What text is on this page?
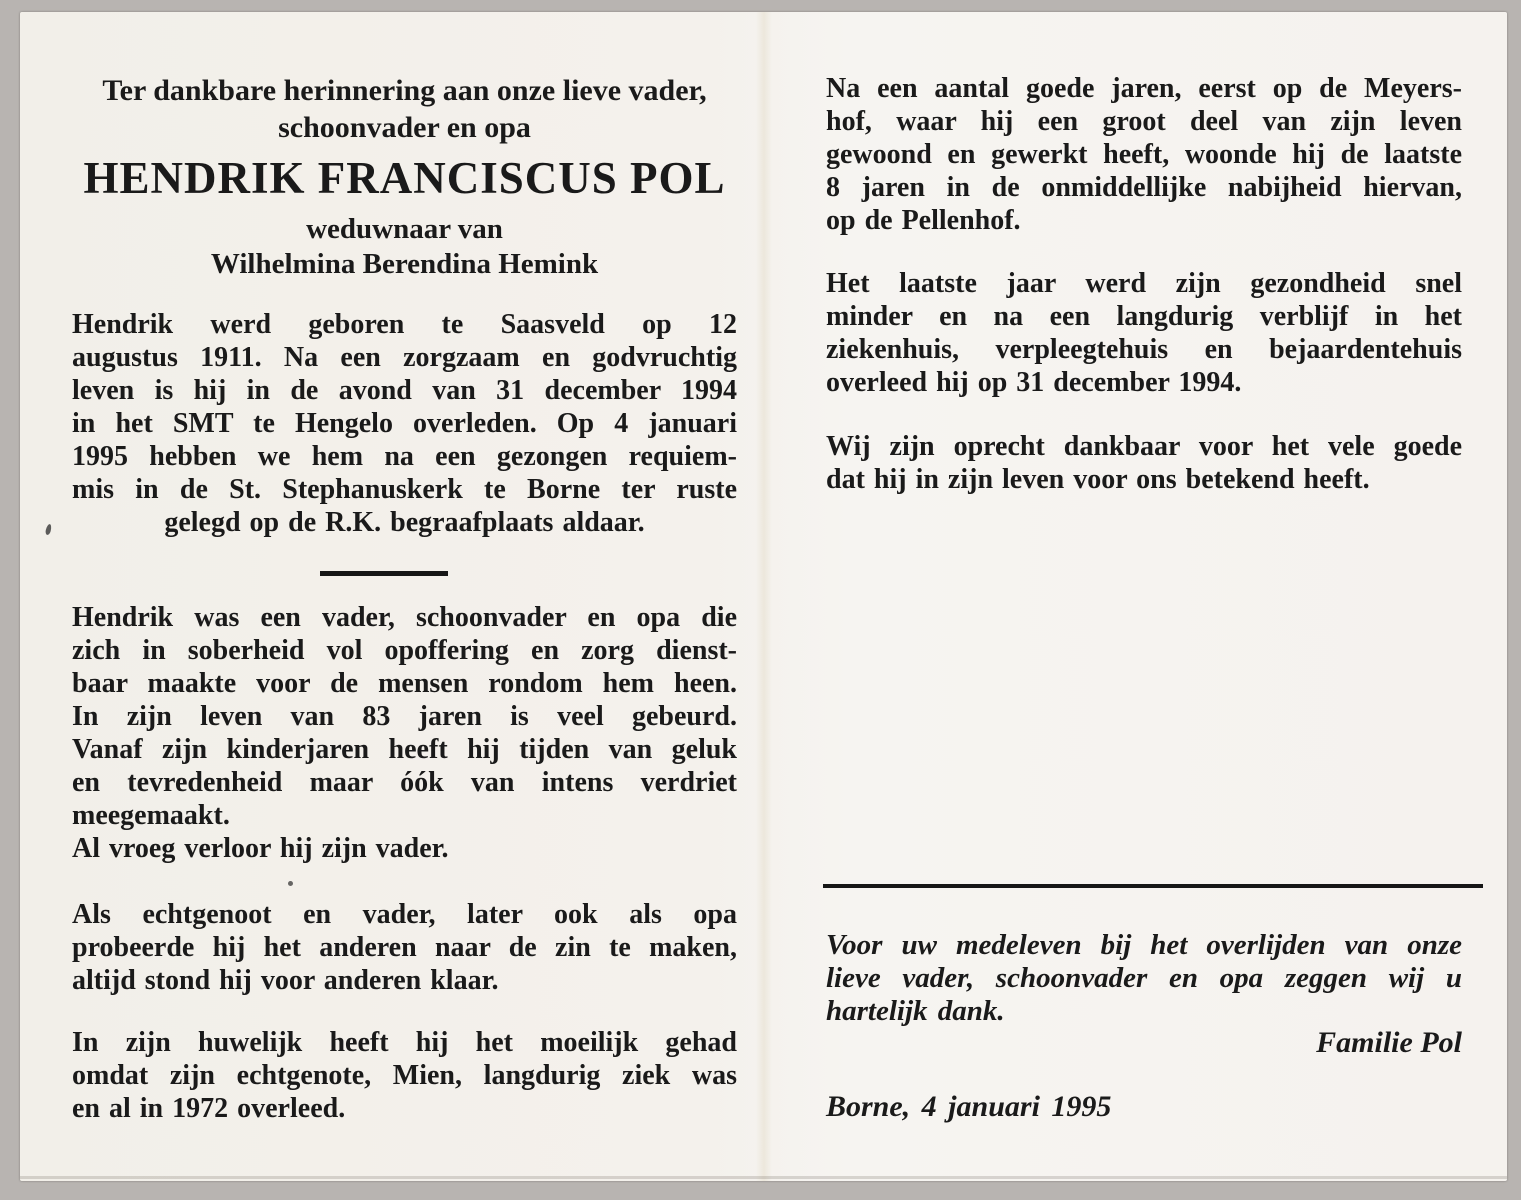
Ter dankbare herinnering aan onze lieve vader,
schoonvader en opa
HENDRIK FRANCISCUS POL
weduwnaar van
Wilhelmina Berendina Hemink
Hendrik werd geboren te Saasveld op 12
augustus 1911. Na een zorgzaam en godvruchtig
leven is hij in de avond van 31 december 1994
in het SMT te Hengelo overleden. Op 4 januari
1995 hebben we hem na een gezongen requiem-
mis in de St. Stephanuskerk te Borne ter ruste
gelegd op de R.K. begraafplaats aldaar.
Hendrik was een vader, schoonvader en opa die
zich in soberheid vol opoffering en zorg dienst-
baar maakte voor de mensen rondom hem heen.
In zijn leven van 83 jaren is veel gebeurd.
Vanaf zijn kinderjaren heeft hij tijden van geluk
en tevredenheid maar óók van intens verdriet
meegemaakt.
Al vroeg verloor hij zijn vader.
Als echtgenoot en vader, later ook als opa
probeerde hij het anderen naar de zin te maken,
altijd stond hij voor anderen klaar.
In zijn huwelijk heeft hij het moeilijk gehad
omdat zijn echtgenote, Mien, langdurig ziek was
en al in 1972 overleed.
Na een aantal goede jaren, eerst op de Meyers-
hof, waar hij een groot deel van zijn leven
gewoond en gewerkt heeft, woonde hij de laatste
8 jaren in de onmiddellijke nabijheid hiervan,
op de Pellenhof.
Het laatste jaar werd zijn gezondheid snel
minder en na een langdurig verblijf in het
ziekenhuis, verpleegtehuis en bejaardentehuis
overleed hij op 31 december 1994.
Wij zijn oprecht dankbaar voor het vele goede
dat hij in zijn leven voor ons betekend heeft.
Voor uw medeleven bij het overlijden van onze
lieve vader, schoonvader en opa zeggen wij u
hartelijk dank.
Familie Pol
Borne, 4 januari 1995
